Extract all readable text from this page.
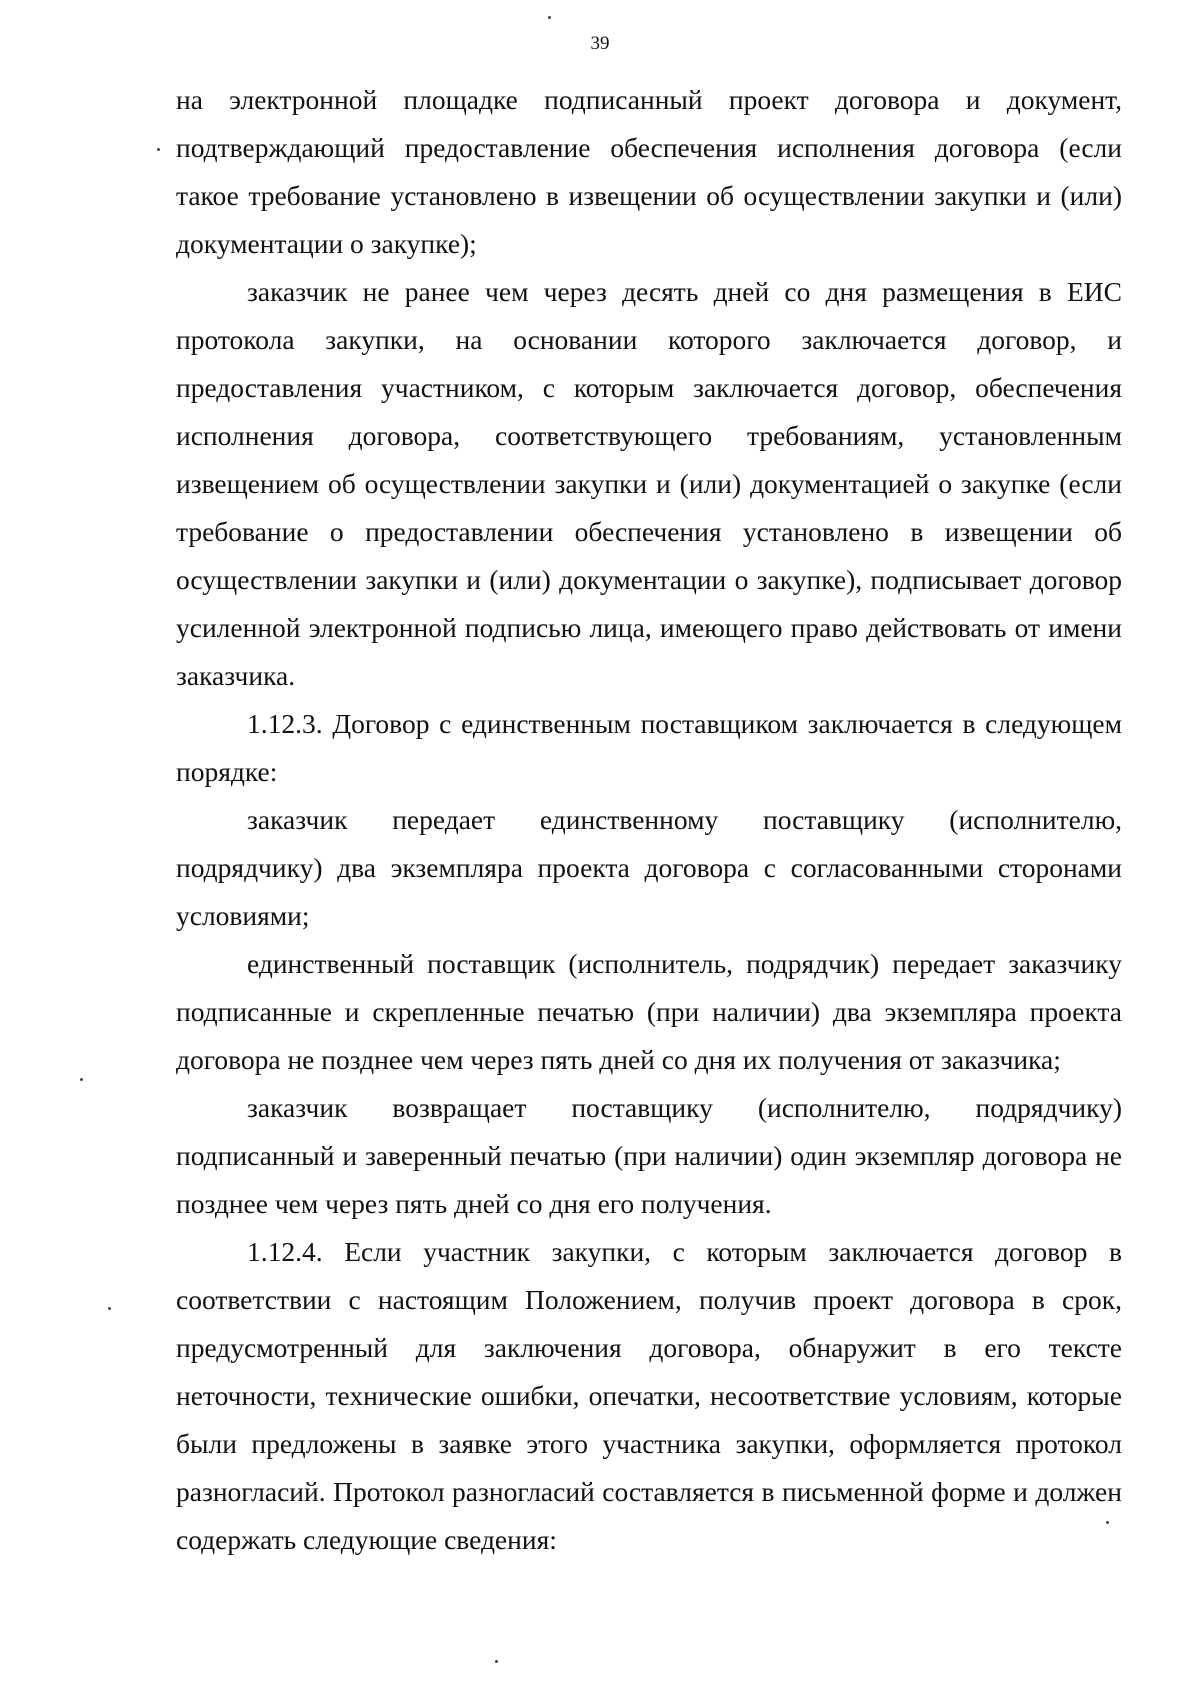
39

на электронной площадке подписанный проект договора и документ, подтверждающий предоставление обеспечения исполнения договора (если такое требование установлено в извещении об осуществлении закупки и (или) документации о закупке);

заказчик не ранее чем через десять дней со дня размещения в ЕИС протокола закупки, на основании которого заключается договор, и предоставления участником, с которым заключается договор, обеспечения исполнения договора, соответствующего требованиям, установленным извещением об осуществлении закупки и (или) документацией о закупке (если требование о предоставлении обеспечения установлено в извещении об осуществлении закупки и (или) документации о закупке), подписывает договор усиленной электронной подписью лица, имеющего право действовать от имени заказчика.

1.12.3. Договор с единственным поставщиком заключается в следующем порядке:

заказчик передает единственному поставщику (исполнителю, подрядчику) два экземпляра проекта договора с согласованными сторонами условиями;

единственный поставщик (исполнитель, подрядчик) передает заказчику подписанные и скрепленные печатью (при наличии) два экземпляра проекта договора не позднее чем через пять дней со дня их получения от заказчика;

заказчик возвращает поставщику (исполнителю, подрядчику) подписанный и заверенный печатью (при наличии) один экземпляр договора не позднее чем через пять дней со дня его получения.

1.12.4. Если участник закупки, с которым заключается договор в соответствии с настоящим Положением, получив проект договора в срок, предусмотренный для заключения договора, обнаружит в его тексте неточности, технические ошибки, опечатки, несоответствие условиям, которые были предложены в заявке этого участника закупки, оформляется протокол разногласий. Протокол разногласий составляется в письменной форме и должен содержать следующие сведения:
